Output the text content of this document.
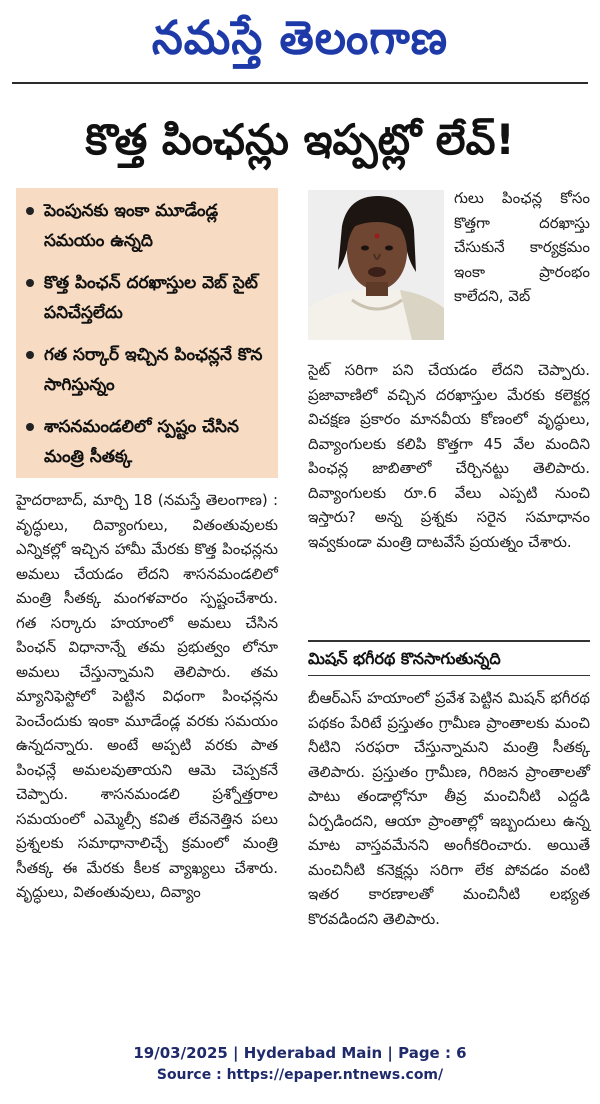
నమస్తే తెలంగాణ
కొత్త పింఛన్లు ఇప్పట్లో లేవ్!
పెంపునకు ఇంకా మూడేండ్ల సమయం ఉన్నది
కొత్త పింఛన్ దరఖాస్తుల వెబ్ సైట్ పనిచేస్తలేదు
గత సర్కార్ ఇచ్చిన పింఛన్లనే కొన సాగిస్తున్నం
శాసనమండలిలో స్పష్టం చేసిన మంత్రి సీతక్క
గులు పింఛన్ల కోసం కొత్తగా దరఖాస్తు చేసుకునే కార్యక్రమం ఇంకా ప్రారంభం కాలేదని, వెబ్
సైట్ సరిగా పని చేయడం లేదని చెప్పారు. ప్రజావాణిలో వచ్చిన దరఖాస్తుల మేరకు కలెక్టర్ల విచక్షణ ప్రకారం మానవీయ కోణంలో వృద్ధులు, దివ్యాంగులకు కలిపి కొత్తగా 45 వేల మందిని పింఛన్ల జాబితాలో చేర్చినట్టు తెలిపారు. దివ్యాంగులకు రూ.6 వేలు ఎప్పటి నుంచి ఇస్తారు? అన్న ప్రశ్నకు సరైన సమాధానం ఇవ్వకుండా మంత్రి దాటవేసే ప్రయత్నం చేశారు.
హైదరాబాద్, మార్చి 18 (నమస్తే తెలంగాణ) : వృద్ధులు, దివ్యాంగులు, వితంతువులకు ఎన్నికల్లో ఇచ్చిన హామీ మేరకు కొత్త పింఛన్లను అమలు చేయడం లేదని శాసనమండలిలో మంత్రి సీతక్క మంగళవారం స్పష్టంచేశారు. గత సర్కారు హయాంలో అమలు చేసిన పింఛన్ విధానాన్నే తమ ప్రభుత్వం లోనూ అమలు చేస్తున్నామని తెలిపారు. తమ మ్యానిఫెస్టోలో పెట్టిన విధంగా పింఛన్లను పెంచేందుకు ఇంకా మూడేండ్ల వరకు సమయం ఉన్నదన్నారు. అంటే అప్పటి వరకు పాత పింఛన్లే అమలవుతాయని ఆమె చెప్పకనే చెప్పారు. శాసనమండలి ప్రశ్నోత్తరాల సమయంలో ఎమ్మెల్సీ కవిత లేవనెత్తిన పలు ప్రశ్నలకు సమాధానాలిచ్చే క్రమంలో మంత్రి సీతక్క ఈ మేరకు కీలక వ్యాఖ్యలు చేశారు. వృద్ధులు, వితంతువులు, దివ్యాం
మిషన్ భగీరథ కొనసాగుతున్నది
బీఆర్ఎస్ హయాంలో ప్రవేశ పెట్టిన మిషన్ భగీరథ పథకం పేరిటే ప్రస్తుతం గ్రామీణ ప్రాంతాలకు మంచి నీటిని సరఫరా చేస్తున్నామని మంత్రి సీతక్క తెలిపారు. ప్రస్తుతం గ్రామీణ, గిరిజన ప్రాంతాలతో పాటు తండాల్లోనూ తీవ్ర మంచినీటి ఎద్దడి ఏర్పడిందని, ఆయా ప్రాంతాల్లో ఇబ్బందులు ఉన్న మాట వాస్తవమేనని అంగీకరించారు. అయితే మంచినీటి కనెక్షన్లు సరిగా లేక పోవడం వంటి ఇతర కారణాలతో మంచినీటి లభ్యత కొరవడిందని తెలిపారు.
19/03/2025 | Hyderabad Main | Page : 6
Source : https://epaper.ntnews.com/
